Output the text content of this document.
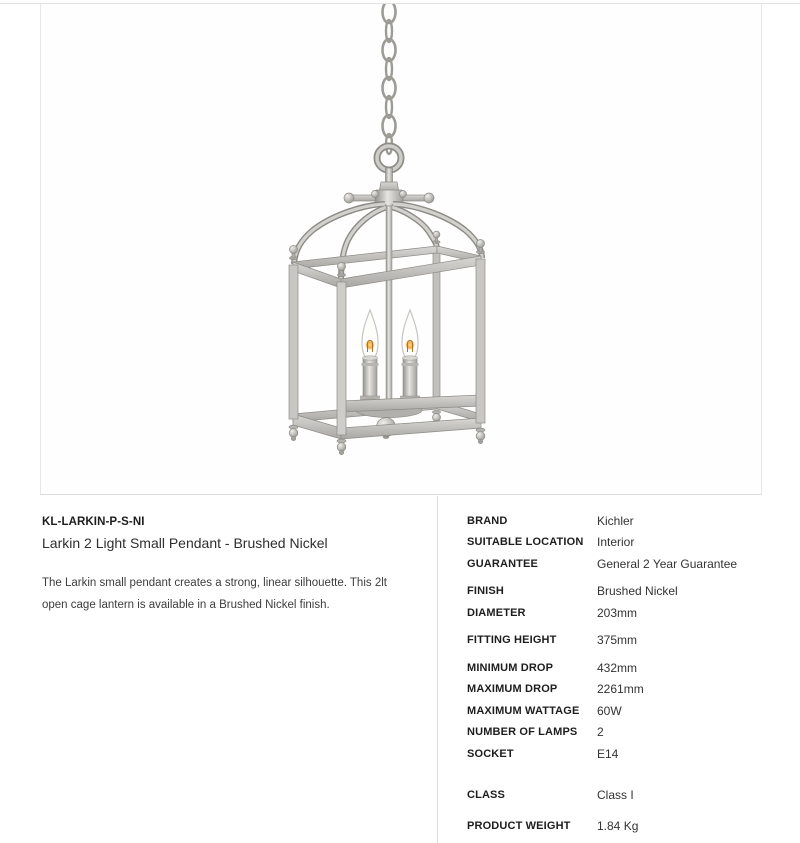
KL-LARKIN-P-S-NI
Larkin 2 Light Small Pendant - Brushed Nickel
The Larkin small pendant creates a strong, linear silhouette. This 2lt open cage lantern is available in a Brushed Nickel finish.
BRAND	Kichler
SUITABLE LOCATION	Interior
GUARANTEE	General 2 Year Guarantee
FINISH	Brushed Nickel
DIAMETER	203mm
FITTING HEIGHT	375mm
MINIMUM DROP	432mm
MAXIMUM DROP	2261mm
MAXIMUM WATTAGE	60W
NUMBER OF LAMPS	2
SOCKET	E14
CLASS	Class I
PRODUCT WEIGHT	1.84 Kg
